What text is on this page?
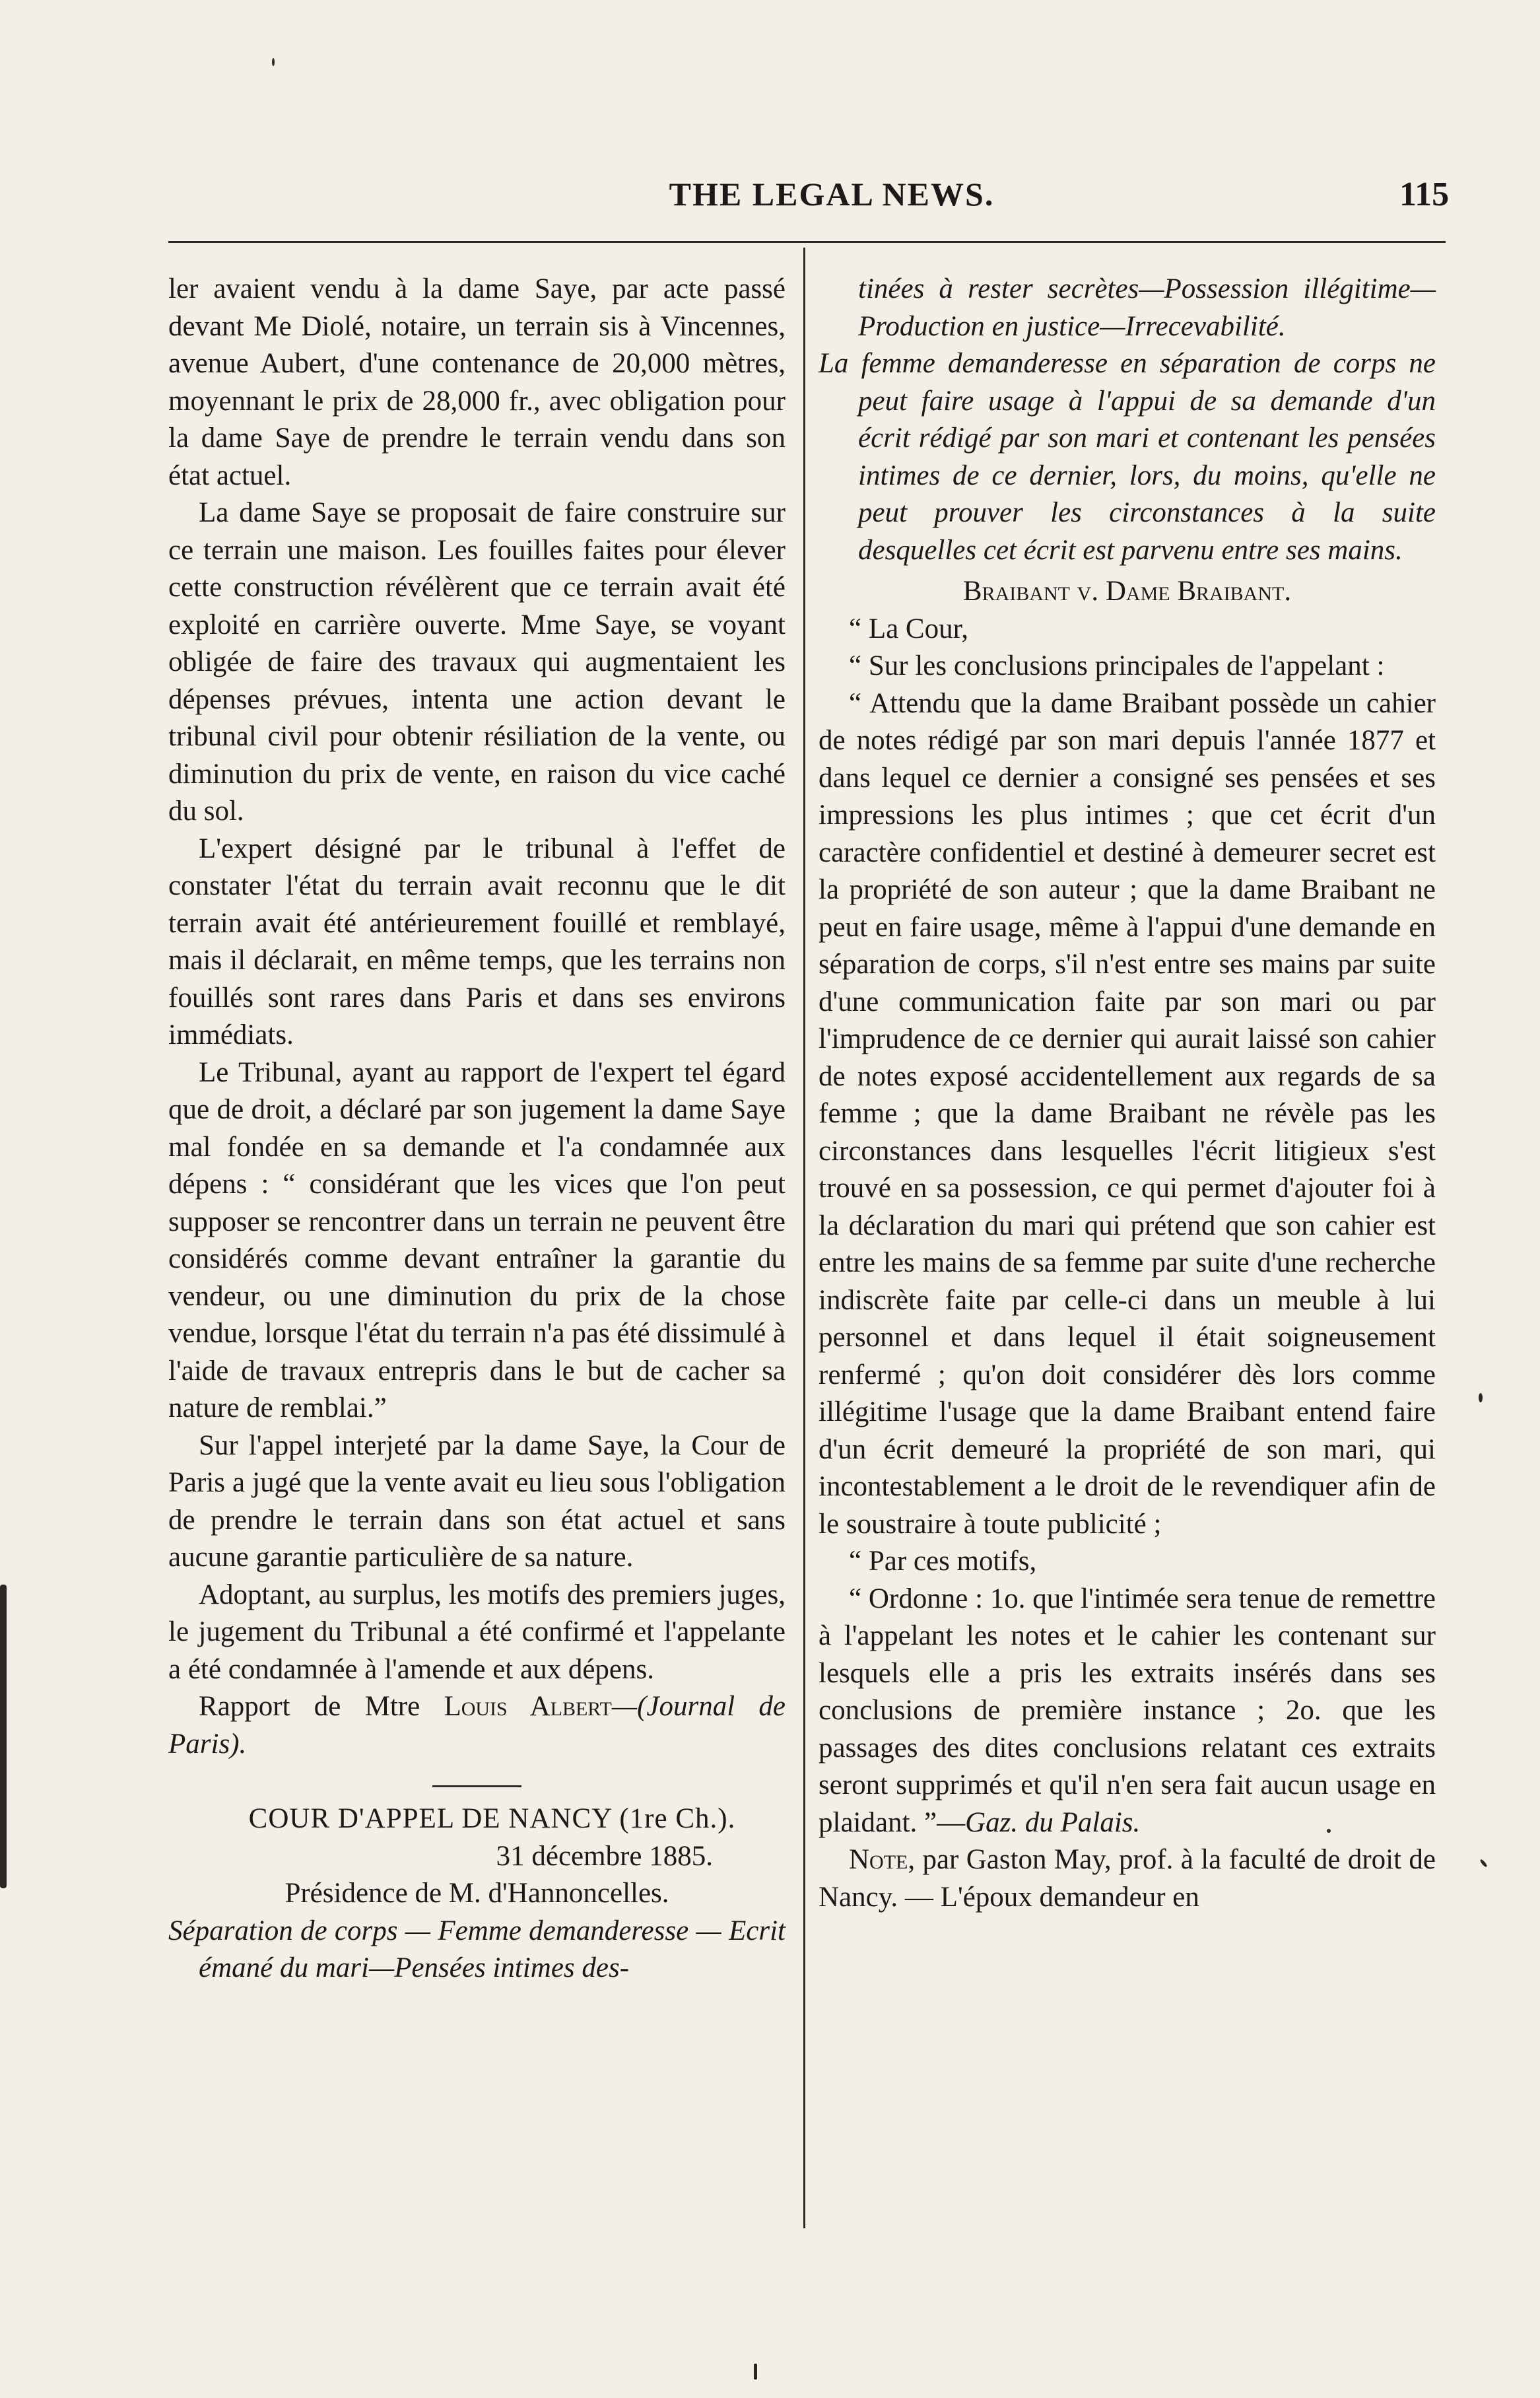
THE LEGAL NEWS.	115

ler avaient vendu à la dame Saye, par acte passé devant Me Diolé, notaire, un terrain sis à Vincennes, avenue Aubert, d'une contenance de 20,000 mètres, moyennant le prix de 28,000 fr., avec obligation pour la dame Saye de prendre le terrain vendu dans son état actuel.

La dame Saye se proposait de faire construire sur ce terrain une maison. Les fouilles faites pour élever cette construction révélèrent que ce terrain avait été exploité en carrière ouverte. Mme Saye, se voyant obligée de faire des travaux qui augmentaient les dépenses prévues, intenta une action devant le tribunal civil pour obtenir résiliation de la vente, ou diminution du prix de vente, en raison du vice caché du sol.

L'expert désigné par le tribunal à l'effet de constater l'état du terrain avait reconnu que le dit terrain avait été antérieurement fouillé et remblayé, mais il déclarait, en même temps, que les terrains non fouillés sont rares dans Paris et dans ses environs immédiats.

Le Tribunal, ayant au rapport de l'expert tel égard que de droit, a déclaré par son jugement la dame Saye mal fondée en sa demande et l'a condamnée aux dépens : “ considérant que les vices que l'on peut supposer se rencontrer dans un terrain ne peuvent être considérés comme devant entraîner la garantie du vendeur, ou une diminution du prix de la chose vendue, lorsque l'état du terrain n'a pas été dissimulé à l'aide de travaux entrepris dans le but de cacher sa nature de remblai.”

Sur l'appel interjeté par la dame Saye, la Cour de Paris a jugé que la vente avait eu lieu sous l'obligation de prendre le terrain dans son état actuel et sans aucune garantie particulière de sa nature.

Adoptant, au surplus, les motifs des premiers juges, le jugement du Tribunal a été confirmé et l'appelante a été condamnée à l'amende et aux dépens.

Rapport de Mtre Louis Albert—(Journal de Paris).

COUR D'APPEL DE NANCY (1re Ch.).

31 décembre 1885.

Présidence de M. d'Hannoncelles.

Séparation de corps — Femme demanderesse — Ecrit émané du mari—Pensées intimes des-

tinées à rester secrètes—Possession illégitime—Production en justice—Irrecevabilité.

La femme demanderesse en séparation de corps ne peut faire usage à l'appui de sa demande d'un écrit rédigé par son mari et contenant les pensées intimes de ce dernier, lors, du moins, qu'elle ne peut prouver les circonstances à la suite desquelles cet écrit est parvenu entre ses mains.

Braibant v. Dame Braibant.

“ La Cour,

“ Sur les conclusions principales de l'appelant :

“ Attendu que la dame Braibant possède un cahier de notes rédigé par son mari depuis l'année 1877 et dans lequel ce dernier a consigné ses pensées et ses impressions les plus intimes ; que cet écrit d'un caractère confidentiel et destiné à demeurer secret est la propriété de son auteur ; que la dame Braibant ne peut en faire usage, même à l'appui d'une demande en séparation de corps, s'il n'est entre ses mains par suite d'une communication faite par son mari ou par l'imprudence de ce dernier qui aurait laissé son cahier de notes exposé accidentellement aux regards de sa femme ; que la dame Braibant ne révèle pas les circonstances dans lesquelles l'écrit litigieux s'est trouvé en sa possession, ce qui permet d'ajouter foi à la déclaration du mari qui prétend que son cahier est entre les mains de sa femme par suite d'une recherche indiscrète faite par celle-ci dans un meuble à lui personnel et dans lequel il était soigneusement renfermé ; qu'on doit considérer dès lors comme illégitime l'usage que la dame Braibant entend faire d'un écrit demeuré la propriété de son mari, qui incontestablement a le droit de le revendiquer afin de le soustraire à toute publicité ;

“ Par ces motifs,

“ Ordonne : 1o. que l'intimée sera tenue de remettre à l'appelant les notes et le cahier les contenant sur lesquels elle a pris les extraits insérés dans ses conclusions de première instance ; 2o. que les passages des dites conclusions relatant ces extraits seront supprimés et qu'il n'en sera fait aucun usage en plaidant. ”—Gaz. du Palais.

Note, par Gaston May, prof. à la faculté de droit de Nancy. — L'époux demandeur en
